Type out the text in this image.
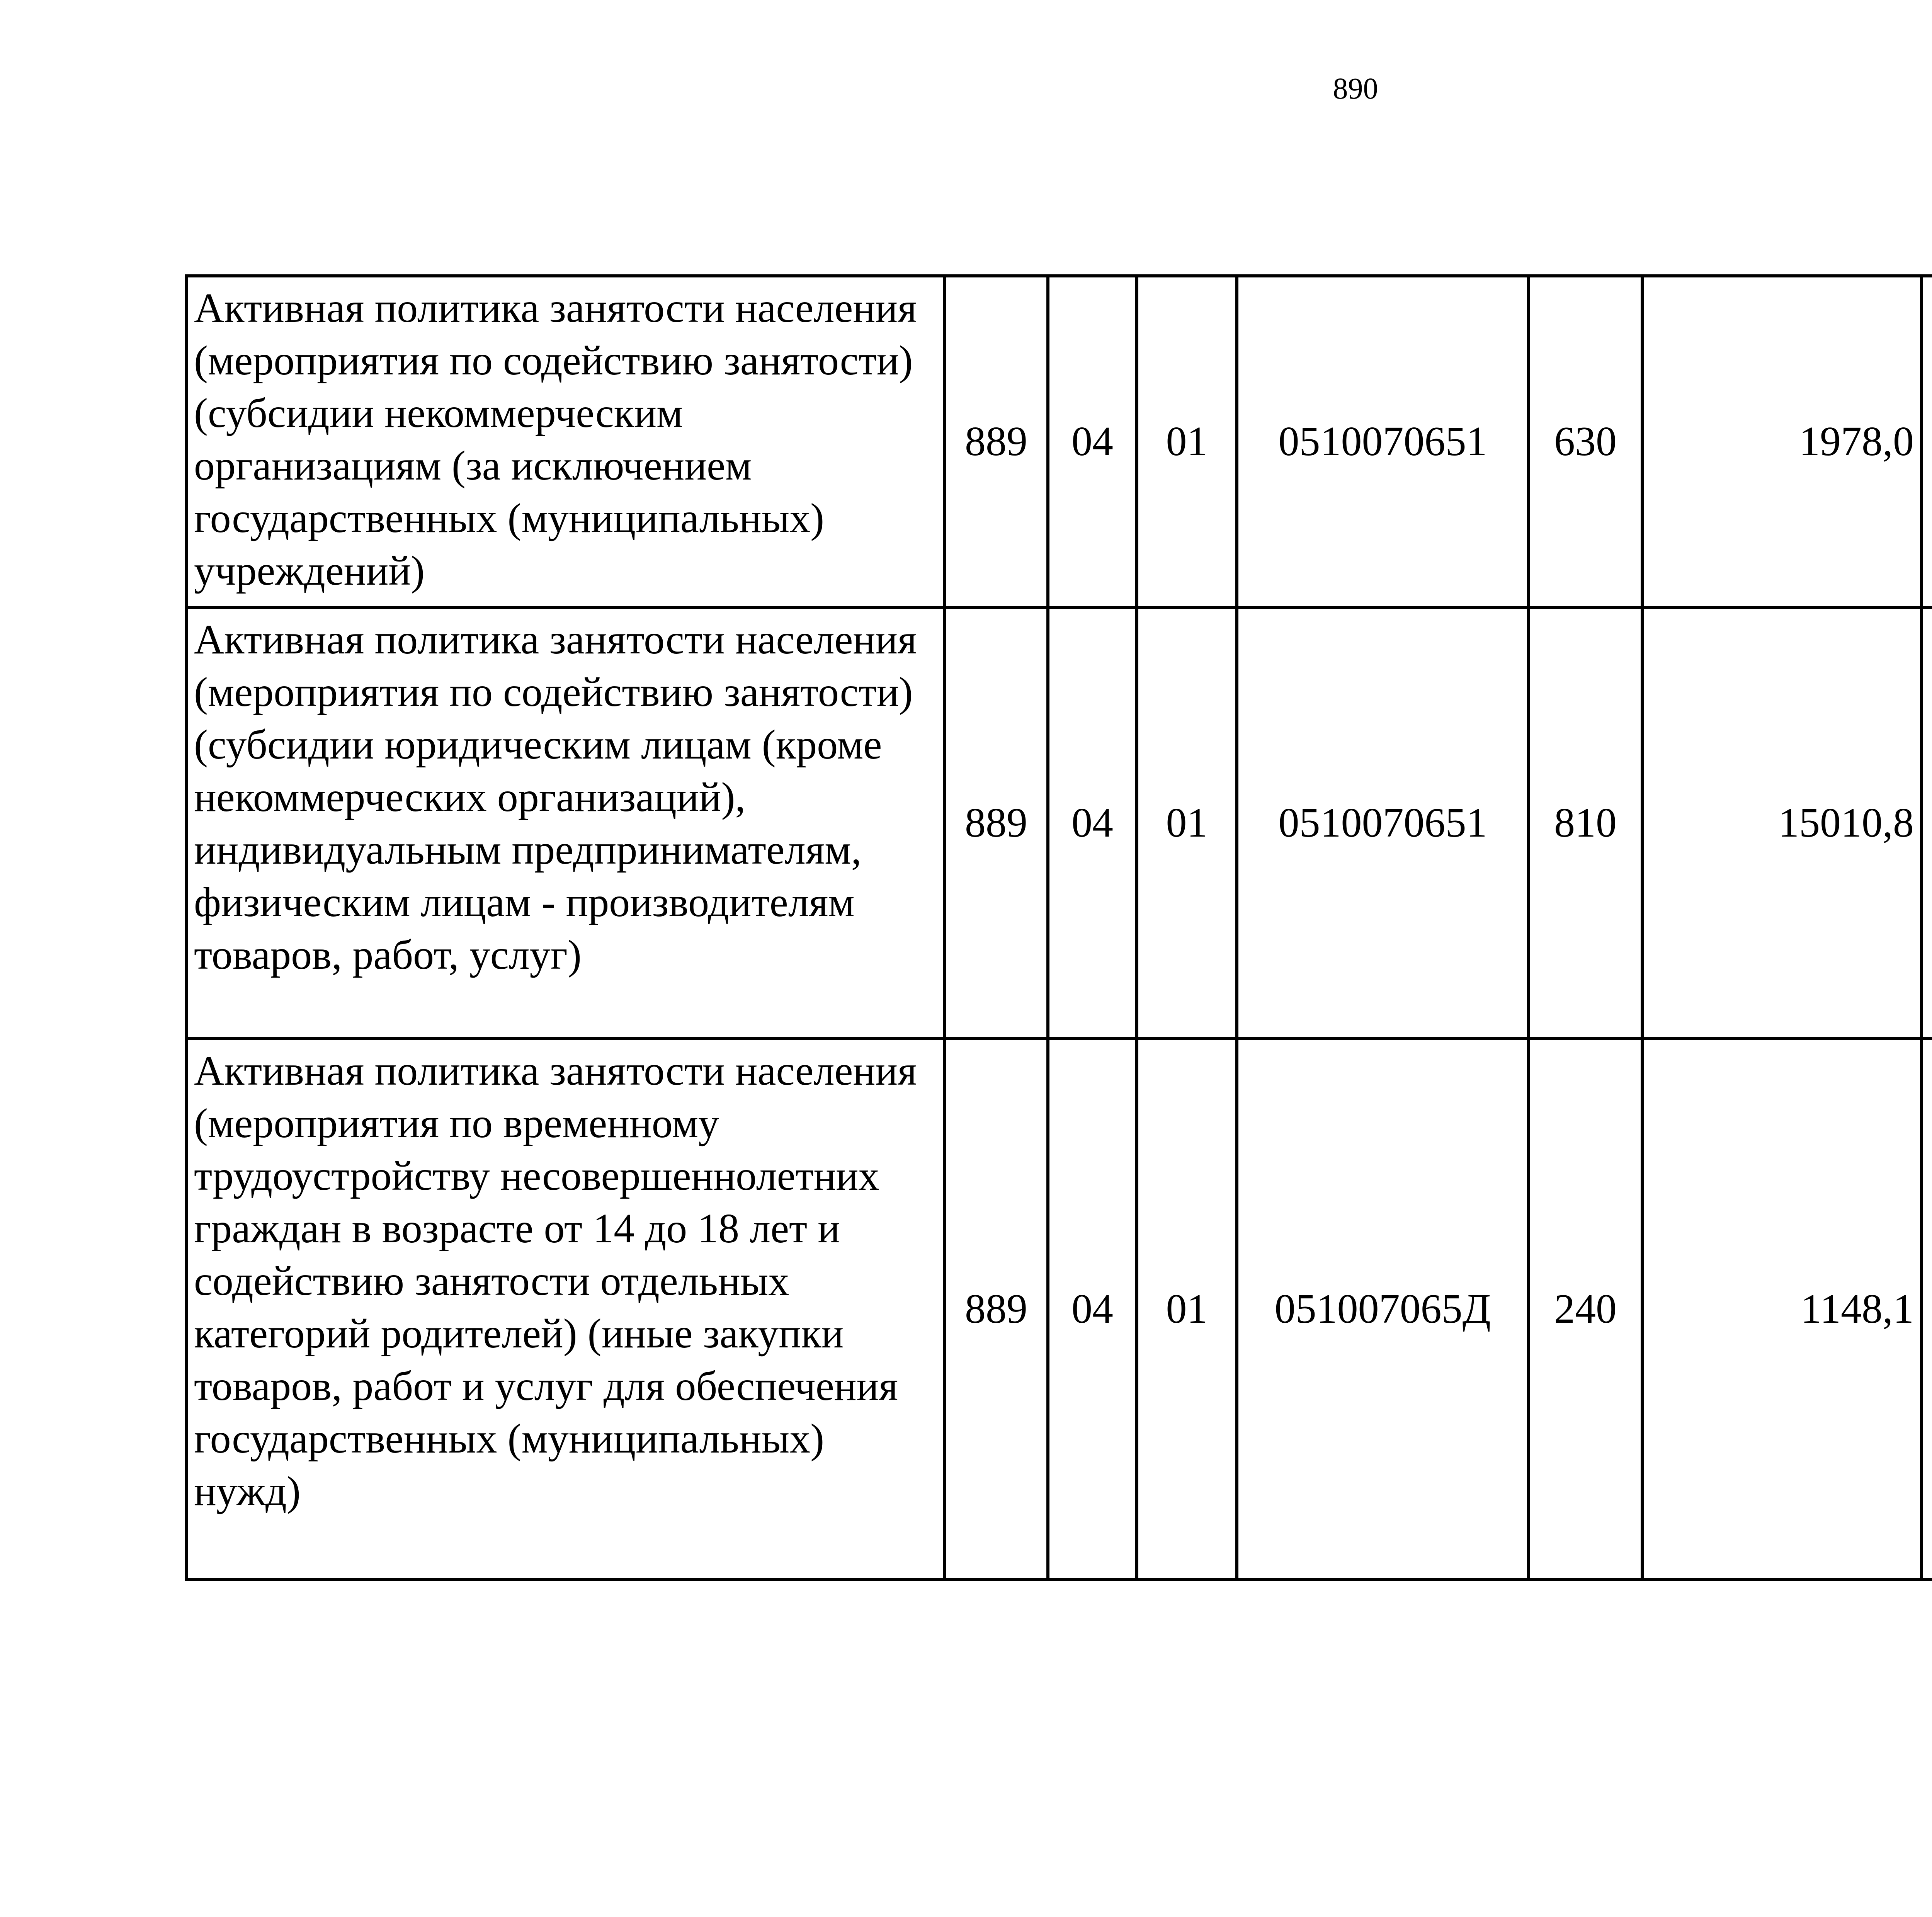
890
Активная политика занятости населения (мероприятия по содействию занятости) (субсидии некоммерческим организациям (за исключением государственных (муниципальных) учреждений)	889	04	01	0510070651	630	1978,0		
Активная политика занятости населения (мероприятия по содействию занятости) (субсидии юридическим лицам (кроме некоммерческих организаций), индивидуальным предпринимателям, физическим лицам - производителям товаров, работ, услуг)	889	04	01	0510070651	810	15010,8		
Активная политика занятости населения (мероприятия по временному трудоустройству несовершеннолетних граждан в возрасте от 14 до 18 лет и содействию занятости отдельных категорий родителей) (иные закупки товаров, работ и услуг для обеспечения государственных (муниципальных) нужд)	889	04	01	051007065Д	240	1148,1		
